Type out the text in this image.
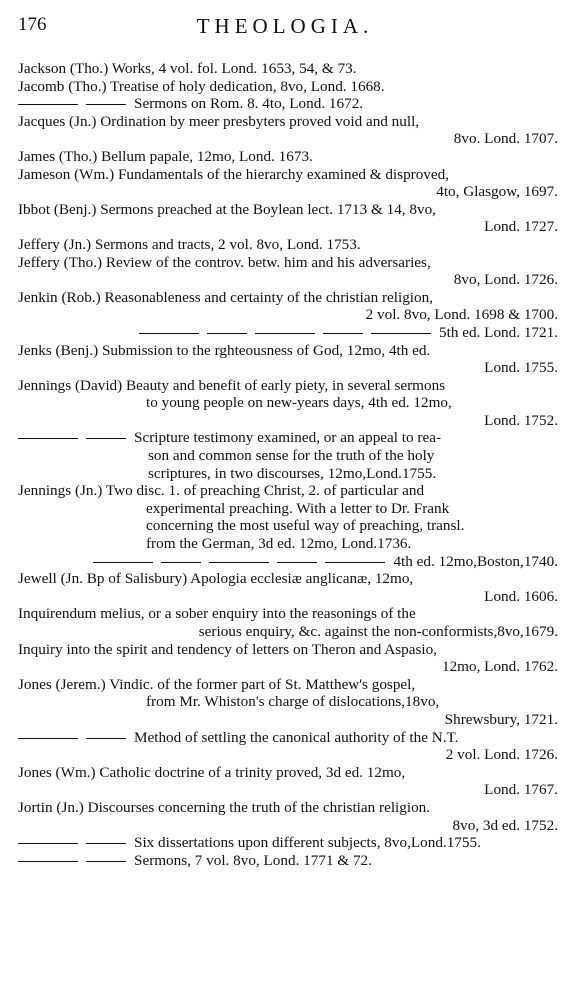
176	THEOLOGIA.
Jackson (Tho.) Works, 4 vol. fol. Lond. 1653, 54, & 73.
Jacomb (Tho.) Treatise of holy dedication, 8vo, Lond. 1668.
Sermons on Rom. 8. 4to, Lond. 1672.
Jacques (Jn.) Ordination by meer presbyters proved void and null,
8vo. Lond. 1707.
James (Tho.) Bellum papale, 12mo, Lond. 1673.
Jameson (Wm.) Fundamentals of the hierarchy examined & disproved,
4to, Glasgow, 1697.
Ibbot (Benj.) Sermons preached at the Boylean lect. 1713 & 14, 8vo,
Lond. 1727.
Jeffery (Jn.) Sermons and tracts, 2 vol. 8vo, Lond. 1753.
Jeffery (Tho.) Review of the controv. betw. him and his adversaries,
8vo, Lond. 1726.
Jenkin (Rob.) Reasonableness and certainty of the christian religion,
2 vol. 8vo, Lond. 1698 & 1700.
5th ed. Lond. 1721.
Jenks (Benj.) Submission to the rghteousness of God, 12mo, 4th ed.
Lond. 1755.
Jennings (David) Beauty and benefit of early piety, in several sermons
to young people on new-years days, 4th ed. 12mo,
Lond. 1752.
Scripture testimony examined, or an appeal to rea-
son and common sense for the truth of the holy
scriptures, in two discourses, 12mo,Lond.1755.
Jennings (Jn.) Two disc. 1. of preaching Christ, 2. of particular and
experimental preaching. With a letter to Dr. Frank
concerning the most useful way of preaching, transl.
from the German, 3d ed. 12mo, Lond.1736.
4th ed. 12mo,Boston,1740.
Jewell (Jn. Bp of Salisbury) Apologia ecclesiæ anglicanæ, 12mo,
Lond. 1606.
Inquirendum melius, or a sober enquiry into the reasonings of the
serious enquiry, &c. against the non-conformists,8vo,1679.
Inquiry into the spirit and tendency of letters on Theron and Aspasio,
12mo, Lond. 1762.
Jones (Jerem.) Vindic. of the former part of St. Matthew's gospel,
from Mr. Whiston's charge of dislocations,18vo,
Shrewsbury, 1721.
Method of settling the canonical authority of the N.T.
2 vol. Lond. 1726.
Jones (Wm.) Catholic doctrine of a trinity proved, 3d ed. 12mo,
Lond. 1767.
Jortin (Jn.) Discourses concerning the truth of the christian religion.
8vo, 3d ed. 1752.
Six dissertations upon different subjects, 8vo,Lond.1755.
Sermons, 7 vol. 8vo, Lond. 1771 & 72.
